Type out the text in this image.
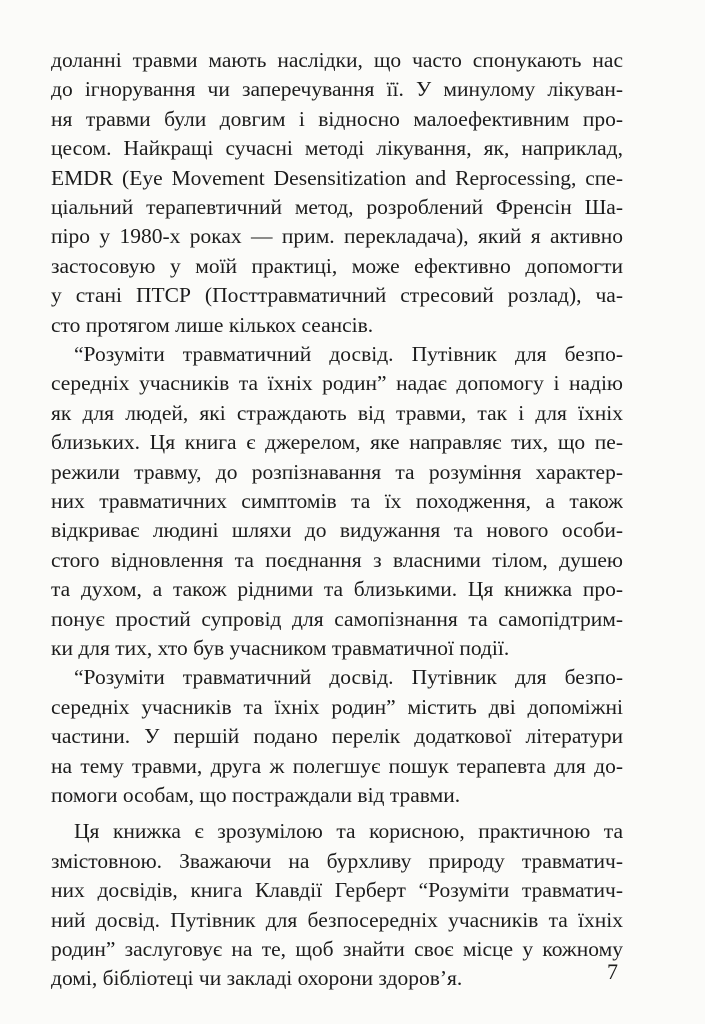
доланні травми мають наслідки, що часто спонукають нас
до ігнорування чи заперечування її. У минулому лікуван-
ня травми були довгим і відносно малоефективним про-
цесом. Найкращі сучасні методі лікування, як, наприклад,
EMDR (Eye Movement Desensitization and Reprocessing, спе-
ціальний терапевтичний метод, розроблений Френсін Ша-
піро у 1980-х роках — прим. перекладача), який я активно
застосовую у моїй практиці, може ефективно допомогти
у стані ПТСР (Посттравматичний стресовий розлад), ча-
сто протягом лише кількох сеансів.
“Розуміти травматичний досвід. Путівник для безпо-
середніх учасників та їхніх родин” надає допомогу і надію
як для людей, які страждають від травми, так і для їхніх
близьких. Ця книга є джерелом, яке направляє тих, що пе-
режили травму, до розпізнавання та розуміння характер-
них травматичних симптомів та їх походження, а також
відкриває людині шляхи до видужання та нового особи-
стого відновлення та поєднання з власними тілом, душею
та духом, а також рідними та близькими. Ця книжка про-
понує простий супровід для самопізнання та самопідтрим-
ки для тих, хто був учасником травматичної події.
“Розуміти травматичний досвід. Путівник для безпо-
середніх учасників та їхніх родин” містить дві допоміжні
частини. У першій подано перелік додаткової літератури
на тему травми, друга ж полегшує пошук терапевта для до-
помоги особам, що постраждали від травми.
Ця книжка є зрозумілою та корисною, практичною та
змістовною. Зважаючи на бурхливу природу травматич-
них досвідів, книга Клавдії Герберт “Розуміти травматич-
ний досвід. Путівник для безпосередніх учасників та їхніх
родин” заслуговує на те, щоб знайти своє місце у кожному
домі, бібліотеці чи закладі охорони здоров’я.	7
